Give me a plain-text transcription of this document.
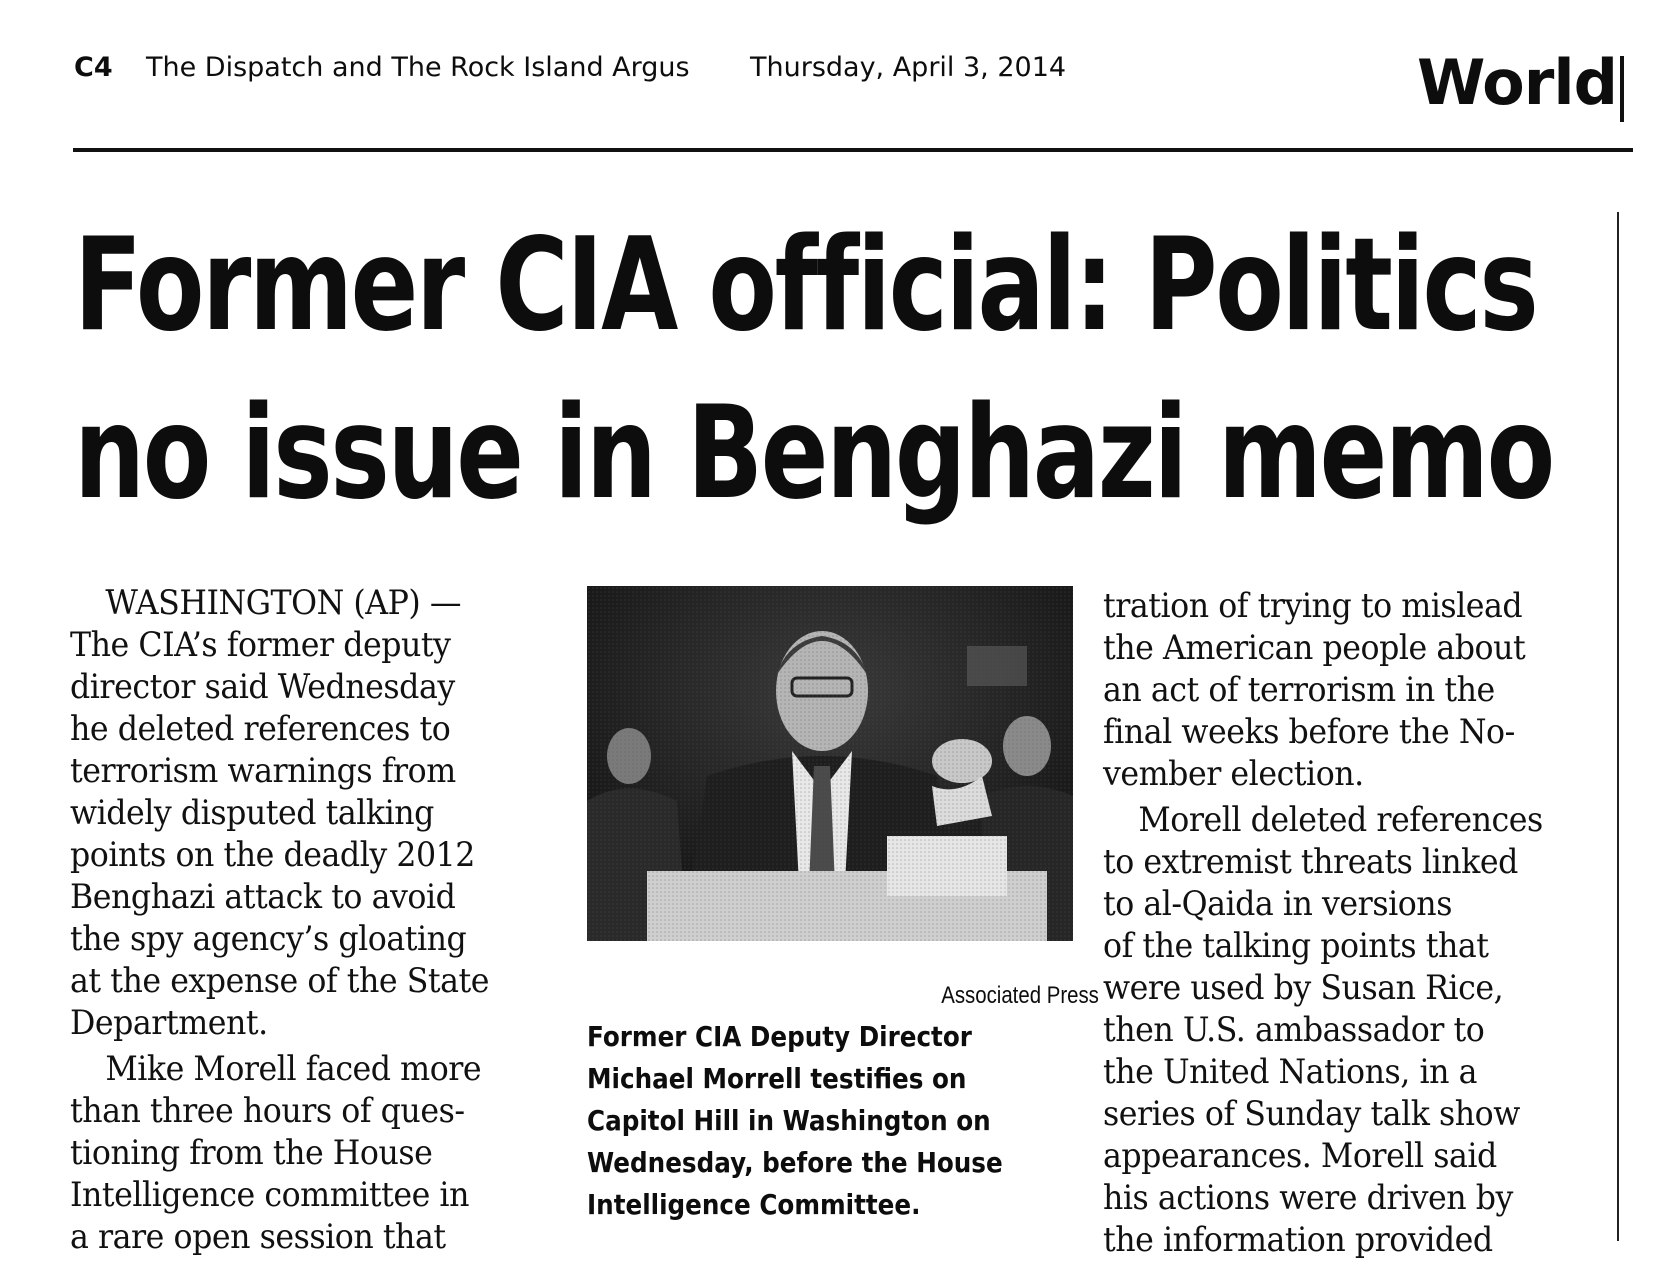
C4 The Dispatch and The Rock Island Argus Thursday, April 3, 2014	World
Former CIA official: Politics
no issue in Benghazi memo
WASHINGTON (AP) —
The CIA’s former deputy
director said Wednesday
he deleted references to
terrorism warnings from
widely disputed talking
points on the deadly 2012
Benghazi attack to avoid
the spy agency’s gloating
at the expense of the State
Department.
Mike Morell faced more
than three hours of ques-
tioning from the House
Intelligence committee in
a rare open session that
Associated Press
Former CIA Deputy Director
Michael Morrell testifies on
Capitol Hill in Washington on
Wednesday, before the House
Intelligence Committee.
tration of trying to mislead
the American people about
an act of terrorism in the
final weeks before the No-
vember election.
Morell deleted references
to extremist threats linked
to al-Qaida in versions
of the talking points that
were used by Susan Rice,
then U.S. ambassador to
the United Nations, in a
series of Sunday talk show
appearances. Morell said
his actions were driven by
the information provided
